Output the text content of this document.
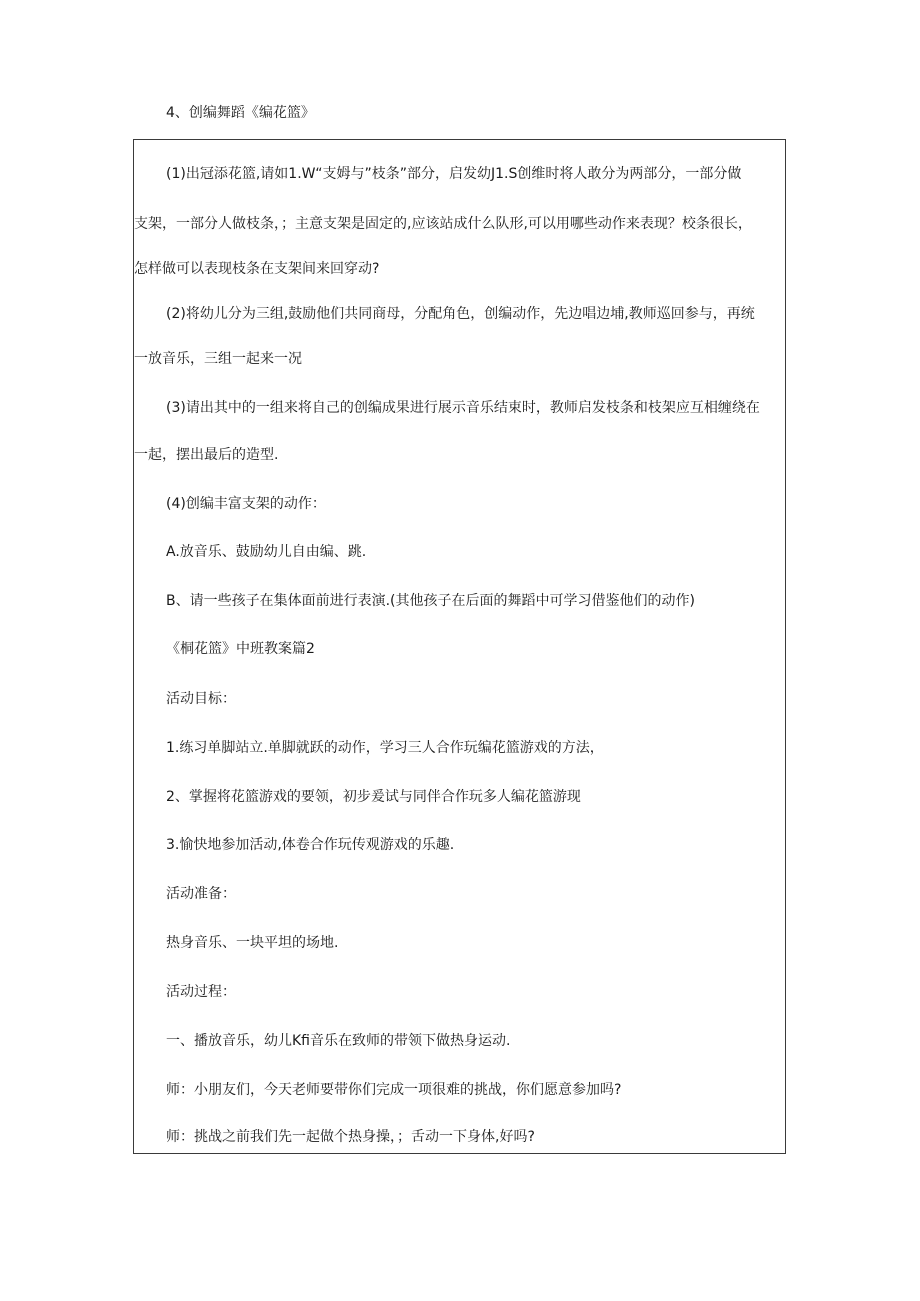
4、创编舞蹈《编花篮》
(1)出冠添花篮,请如1.W“支姆与”枝条”部分，启发幼J1.S创维时将人敢分为两部分，一部分做
支架，一部分人做枝条，；主意支架是固定的,应该站成什么队形,可以用哪些动作来表现？校条很长，
怎样做可以表现枝条在支架间来回穿动?
(2)将幼儿分为三组,鼓励他们共同商母，分配角色，创编动作，先边唱边埔,教师巡回参与，再统
一放音乐，三组一起来一况
(3)请出其中的一组来将自己的创编成果进行展示音乐结束时，教师启发枝条和枝架应互相缠绕在
一起，摆出最后的造型.
(4)创编丰富支架的动作：
A.放音乐、鼓励幼儿自由编、跳.
B、请一些孩子在集体面前进行表演.(其他孩子在后面的舞蹈中可学习借鉴他们的动作)
《桐花篮》中班教案篇2
活动目标：
1.练习单脚站立.单脚就跃的动作，学习三人合作玩编花篮游戏的方法，
2、掌握将花篮游戏的要领，初步爰试与同伴合作玩多人编花篮游现
3.愉快地参加活动,体卷合作玩传观游戏的乐趣.
活动准备：
热身音乐、一块平坦的场地.
活动过程：
一、播放音乐，幼儿Kfi音乐在致师的带领下做热身运动.
师：小朋友们，今天老师要带你们完成一项很难的挑战，你们愿意参加吗?
师：挑战之前我们先一起做个热身操，；舌动一下身体,好吗?
